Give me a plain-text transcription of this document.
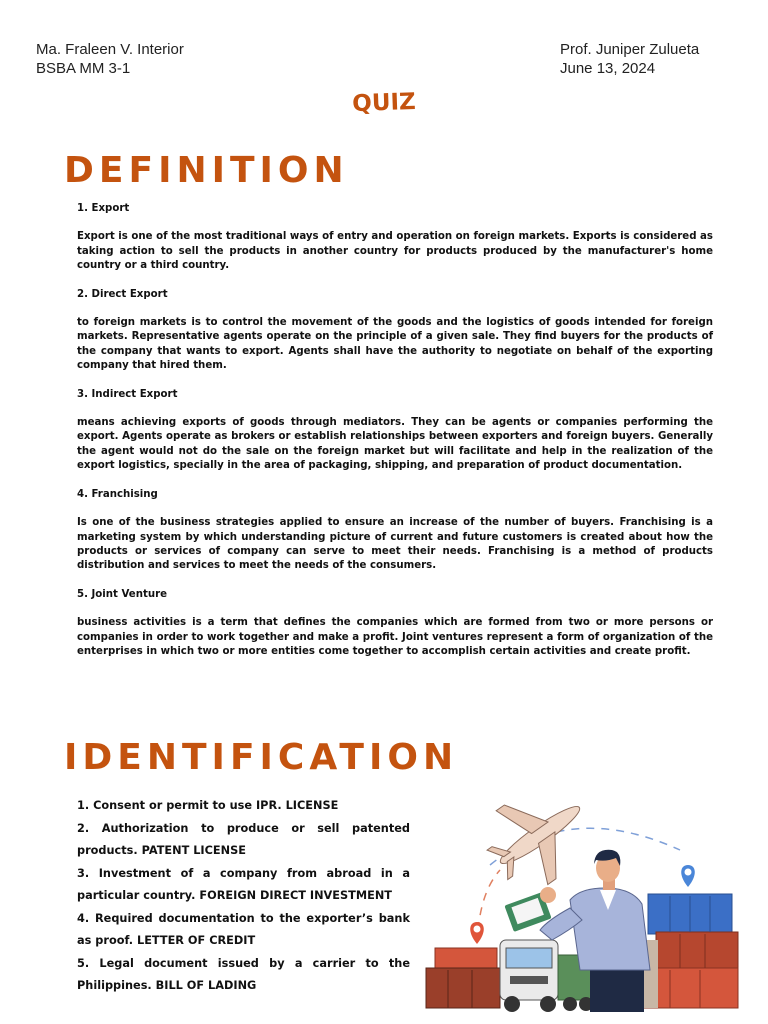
Ma. Fraleen V. Interior
BSBA MM 3-1
Prof. Juniper Zulueta
June 13, 2024
QUIZ
DEFINITION

1. Export

Export is one of the most traditional ways of entry and operation on foreign markets. Exports is considered as taking action to sell the products in another country for products produced by the manufacturer's home country or a third country.

2. Direct Export

to foreign markets is to control the movement of the goods and the logistics of goods intended for foreign markets. Representative agents operate on the principle of a given sale. They find buyers for the products of the company that wants to export. Agents shall have the authority to negotiate on behalf of the exporting company that hired them.

3. Indirect Export

means achieving exports of goods through mediators. They can be agents or companies performing the export. Agents operate as brokers or establish relationships between exporters and foreign buyers. Generally the agent would not do the sale on the foreign market but will facilitate and help in the realization of the export logistics, specially in the area of packaging, shipping, and preparation of product documentation.

4. Franchising

Is one of the business strategies applied to ensure an increase of the number of buyers. Franchising is a marketing system by which understanding picture of current and future customers is created about how the products or services of company can serve to meet their needs. Franchising is a method of products distribution and services to meet the needs of the consumers.

5. Joint Venture

business activities is a term that defines the companies which are formed from two or more persons or companies in order to work together and make a profit. Joint ventures represent a form of organization of the enterprises in which two or more entities come together to accomplish certain activities and create profit.

IDENTIFICATION

1. Consent or permit to use IPR. LICENSE

2. Authorization to produce or sell patented products. PATENT LICENSE

3. Investment of a company from abroad in a particular country. FOREIGN DIRECT INVESTMENT

4. Required documentation to the exporter’s bank as proof. LETTER OF CREDIT

5. Legal document issued by a carrier to the Philippines. BILL OF LADING
